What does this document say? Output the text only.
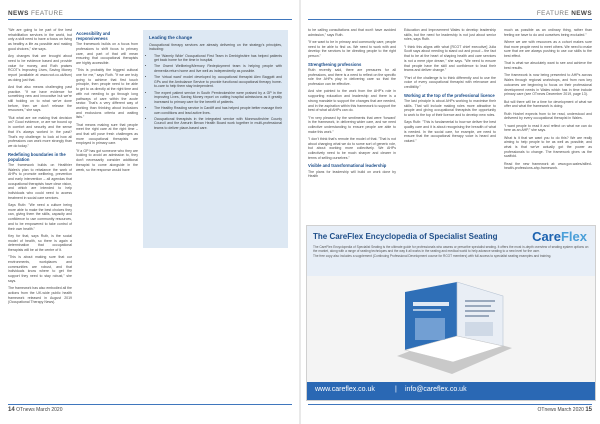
NEWS FEATURE

"We are going to be part of the best rehabilitation services in the world, but only a skill need to have a focus on living as healthy a life as possible and making good choices," she says.

Any changes that are brought about need to be evidence based and provide value for money, and Ruth praises RCOT's Improving Lives, Saving Money report (available at www.rcot.co.uk/ilsm) as doing just that.

And that also means challenging past practice. "If we have evidence for something new and innovative but we're still holding on to what we've done before, then we don't release the resources," she says.

"But what are we making that decision on? Good evidence, or are we bound up in comfort and security and the sense that it's always worked in the past? That's my challenge: to look at how all professions can work more strongly than we do today."

Redefining boundaries in the population

The framework builds on Healthier Wales's plan to rebalance the work of AHPs to promote wellbeing, prevention and early intervention – all agendas that occupational therapists have clear vision, and which are intended to help individuals who could need to access treatment in social care services.

Says Ruth: "We need a culture being more able to make the best choices they can, giving them the skills, capacity and confidence to use community resources, and to be empowered to take control of their own health."

Key for that, says Ruth, is the social model of health, so there is again a determination that occupational therapists will be at the centre of it.

"This is about making sure that our environments, workplaces and communities are robust, and that individuals know where to get the support they need to stay robust," she says.

The framework has also embodied all the actions from the UK-wide public health framework released in August 2019 (Occupational Therapy News).

Leading the change

Occupational therapy services are already delivering on the strategy's principles, including:

• The 'Warmly Wide' Occupational First Team in Denbighshire has helped patients get back home for the time in hospital.
• The Gwent Wellbeing/Memory Redeployment team is helping people with dementia return home and live well as independently as possible.
• The 'virtual ward' model developed by occupational therapist Alex Baggott and GPs and the Ambulance Service to provide functional occupational therapy home-to-care to help them stay independent.
• The expert patient service in South Pembrokeshire were praised by a GP in the improving Lives, Saving Money report on cutting hospital admissions as it greatly increased to primary care for the benefit of patients.
• The Healthy Reading service in Cardiff and has helped people better manage their own conditions and lead active lives.
• Occupational therapists in the integrated service with Monmouthshire County Council and the Aneurin Bevan Health Board work together in multi-professional teams to deliver place-based care.
14 OTnews March 2020
FEATURE NEWS

to be calling consultations and that won't have avoided admission," says Ruth.

"If we want to be in primary and community care, people need to be able to find us. We need to work with and develop the services to be directing people to the right person."

Strengthening professions

Ruth recently said, there are pressures for all professions, and there is a need to reflect on the specific role the AHPs play in delivering care so that the profession can be effective.

And she pointed to the work from the AHP's role in supporting education and leadership and there is a strong mandate to support the changes that are needed, and in the aspiration within this framework to support the best of what all AHPs can do.

"I'm very pleased by the sentiments that were 'forward' in the framework, in delivering wider care, and we need collective understanding to ensure people are able to make this work."

"I don't think that's remote the model of that. 'That is not about changing what we do to some sort of generic role, but about working more collectively. We AHPs collectively need to be much sharper and clearer in terms of selling ourselves."

Visible and transformational leadership

The plans for leadership will build on work done by Health

Education and Improvement Wales to develop leadership skills, but the need for leadership is not just about senior roles, says Ruth.

"I think this aligns with what [RCOT chief executive] Julia Scott says about needing to stand out and proud – the fact that to be at the heart of shaping health and care services is not a mere pipe dream," she says. "We need to ensure that people have the skill and confidence to lead their teams and deliver change."

"Part of the challenge is to think differently and to use the voice of every occupational therapist with relevance and credibility."

Working at the top of the professional licence

The last principle is about AHPs working to maximise their skills. That will include making roles more attractive to people and giving occupational therapists the opportunity to work to the top of their licence and to develop new roles.

Says Ruth: "This is fundamental to how we deliver the best quality care and it is about recognising the breadth of what is needed. In the social care, for example, we need to ensure that the occupational therapy voice is heard and valued."

much as possible as an ordinary thing, rather than feeling we have to do and ourselves being excluded."

Where we are with resources as a cohort makes sure that more people need to meet others. We need to make sure that we are always pushing to use our skills to the best effect.

That is what we absolutely want to see and achieve the best results.

The framework is now being presented to AHPs across Wales through regional workshops, and from now key outcomes are beginning to focus on their professional development needs in Wales which has in time include primary care (see OTnews December 2019, page 13).

But will there will be a time for development of what we offer and what the framework is doing.

Ruth Hoshel expects from to be read, understood and delivered by every occupational therapist in Wales.

"I want people to read it and reflect on what we can do here as an AHP," she says.

What is it that we want you to do this? We are really aiming to help people to be as well as possible, and what is that we've actually got the power as professionals to change. The framework gives us the scaffold.

Read the new framework at: www.gov.wales/allied-health-professions-ahp-framework.

The CareFlex Encyclopedia of Specialist Seating	CareFlex

The CareFlex Encyclopedia of Specialist Seating is the ultimate guide for professionals who assess or prescribe specialist seating. It offers the most in-depth overview of seating system options on the market, along with a range of seating techniques and the way it all works in the seating and medical world to help advance seating to a new level for the user.

The free copy also includes a supplement (Continuing Professional Development course for RCOT members) with full access to specialist seating examples and training.

www.careflex.co.uk	| info@careflex.co.uk
OTnews March 2020 15
Accessibility and responsiveness

The framework builds on a focus from professions to shift focus to primary care, and part of that will mean ensuring that occupational therapists are highly accessible.

"This is probably the biggest cultural one for me," says Ruth. "If we are truly going to achieve that first touch principle, then people need to be able to get to us directly at the right time and with not needing to go through long pathways of care within the acute sector. That's a very different way of working than thinking about inclusions and exclusions criteria and waiting lists."

That means making sure that people meet the right care at the right time – and that will pose fresh challenges as more occupational therapists are employed in primary care.

"If a GP has got someone who they are looking to avoid an admission to, they don't necessarily consider additional therapist to come alongside in the week, so the response would have
